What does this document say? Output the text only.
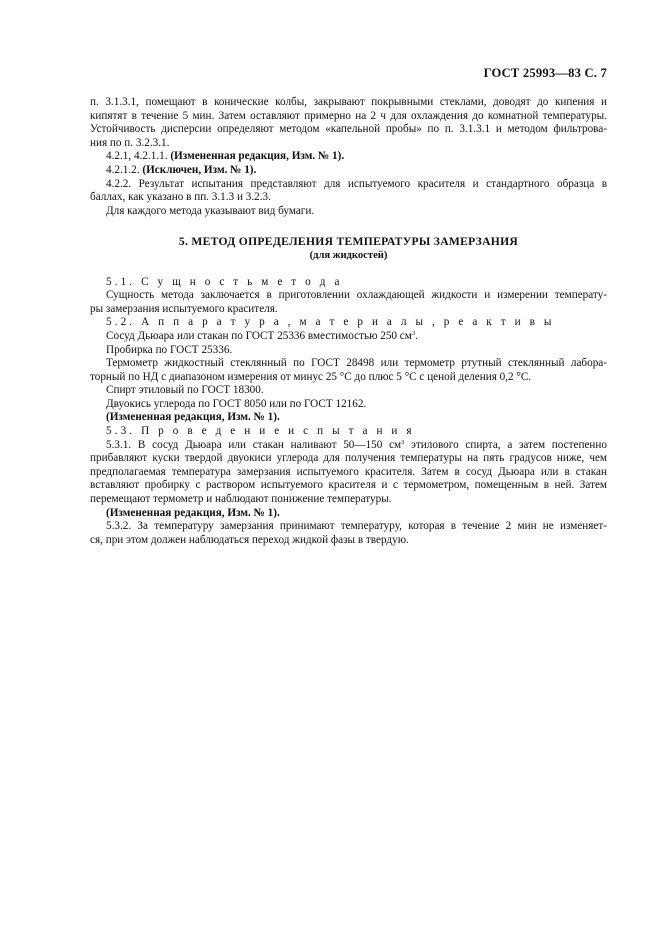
ГОСТ 25993—83 С. 7
п. 3.1.3.1, помещают в конические колбы, закрывают покрывными стеклами, доводят до кипения и
кипятят в течение 5 мин. Затем оставляют примерно на 2 ч для охлаждения до комнатной температуры.
Устойчивость дисперсии определяют методом «капельной пробы» по п. 3.1.3.1 и методом фильтрова-
ния по п. 3.2.3.1.
4.2.1, 4.2.1.1. (Измененная редакция, Изм. № 1).
4.2.1.2. (Исключен, Изм. № 1).
4.2.2. Результат испытания представляют для испытуемого красителя и стандартного образца в
баллах, как указано в пп. 3.1.3 и 3.2.3.
Для каждого метода указывают вид бумаги.
5. МЕТОД ОПРЕДЕЛЕНИЯ ТЕМПЕРАТУРЫ ЗАМЕРЗАНИЯ
(для жидкостей)
5.1. С у щ н о с т ь м е т о д а
Сущность метода заключается в приготовлении охлаждающей жидкости и измерении температу-
ры замерзания испытуемого красителя.
5.2. А п п а р а т у р а , м а т е р и а л ы , р е а к т и в ы
Сосуд Дьюара или стакан по ГОСТ 25336 вместимостью 250 $см^3$.
Пробирка по ГОСТ 25336.
Термометр жидкостный стеклянный по ГОСТ 28498 или термометр ртутный стеклянный лабора-
торный по НД с диапазоном измерения от минус 25 °С до плюс 5 °С с ценой деления 0,2 °С.
Спирт этиловый по ГОСТ 18300.
Двуокись углерода по ГОСТ 8050 или по ГОСТ 12162.
(Измененная редакция, Изм. № 1).
5.3. П р о в е д е н и е и с п ы т а н и я
5.3.1. В сосуд Дьюара или стакан наливают 50—150 $см^3$ этилового спирта, а затем постепенно
прибавляют куски твердой двуокиси углерода для получения температуры на пять градусов ниже, чем
предполагаемая температура замерзания испытуемого красителя. Затем в сосуд Дьюара или в стакан
вставляют пробирку с раствором испытуемого красителя и с термометром, помещенным в ней. Затем
перемещают термометр и наблюдают понижение температуры.
(Измененная редакция, Изм. № 1).
5.3.2. За температуру замерзания принимают температуру, которая в течение 2 мин не изменяет-
ся, при этом должен наблюдаться переход жидкой фазы в твердую.
